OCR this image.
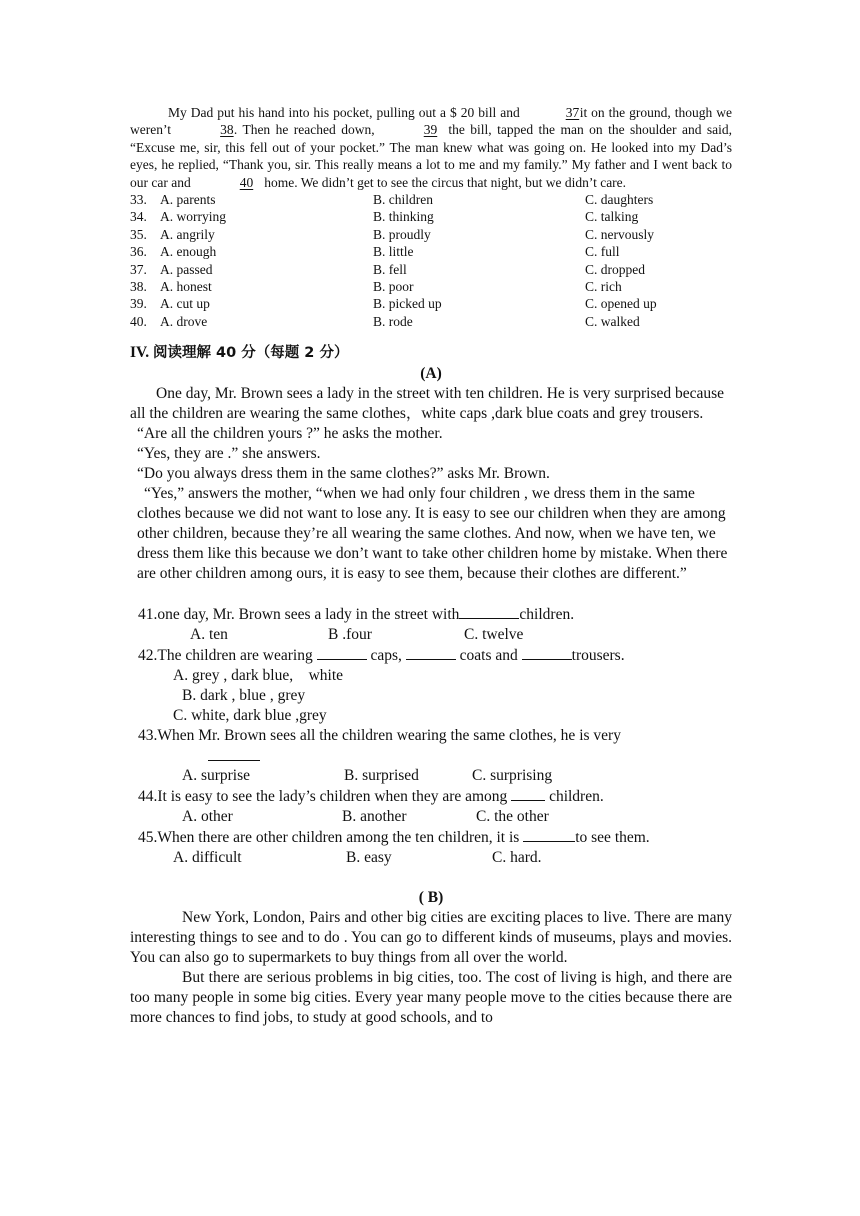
My Dad put his hand into his pocket, pulling out a $ 20 bill and	37  it on the ground, though we weren’t	38. Then he reached down,	39 the bill, tapped the man on the shoulder and said, “Excuse me, sir, this fell out of your pocket.” The man knew what was going on. He looked into my Dad’s eyes, he replied, “Thank you, sir. This really means a lot to me and my family.” My father and I went back to our car and	40 home. We didn’t get to see the circus that night, but we didn’t care.

33. A. parents	B. children	C. daughters
34. A. worrying	B. thinking	C. talking
35. A. angrily	B. proudly	C. nervously
36. A. enough	B. little	C. full
37. A. passed	B. fell	C. dropped
38. A. honest	B. poor	C. rich
39. A. cut up	B. picked up	C. opened up
40. A. drove	B. rode	C. walked
IV. 阅读理解 40 分（每题 2 分）

(A)

One day, Mr. Brown sees a lady in the street with ten children. He is very surprised because all the children are wearing the same clothes，white caps ,dark blue coats and grey trousers.

“Are all the children yours ?” he asks the mother.

“Yes, they are .” she answers.

“Do you always dress them in the same clothes?” asks Mr. Brown.

“Yes,” answers the mother, “when we had only four children , we dress them in the same clothes because we did not want to lose any. It is easy to see our children when they are among other children, because they’re all wearing the same clothes. And now, when we have ten, we dress them like this because we don’t want to take other children home by mistake. When there are other children among ours, it is easy to see them, because their clothes are different.”

41.one day, Mr. Brown sees a lady in the street with	children.

A. ten	B .four	C. twelve

42.The children are wearing	caps,	coats and	trousers.

A. grey , dark blue,    white

B. dark , blue , grey

C. white, dark blue ,grey

43.When Mr. Brown sees all the children wearing the same clothes, he is very

A. surprise	B. surprised	C. surprising

44.It is easy to see the lady’s children when they are among	children.

A. other	B. another	C. the other

45.When there are other children among the ten children, it is	to see them.

A. difficult	B. easy	C. hard.

( B)

New York, London, Pairs and other big cities are exciting places to live. There are many interesting things to see and to do . You can go to different kinds of museums, plays and movies. You can also go to supermarkets to buy things from all over the world.

But there are serious problems in big cities, too. The cost of living is high, and there are too many people in some big cities. Every year many people move to the cities because there are more chances to find jobs, to study at good schools, and to
